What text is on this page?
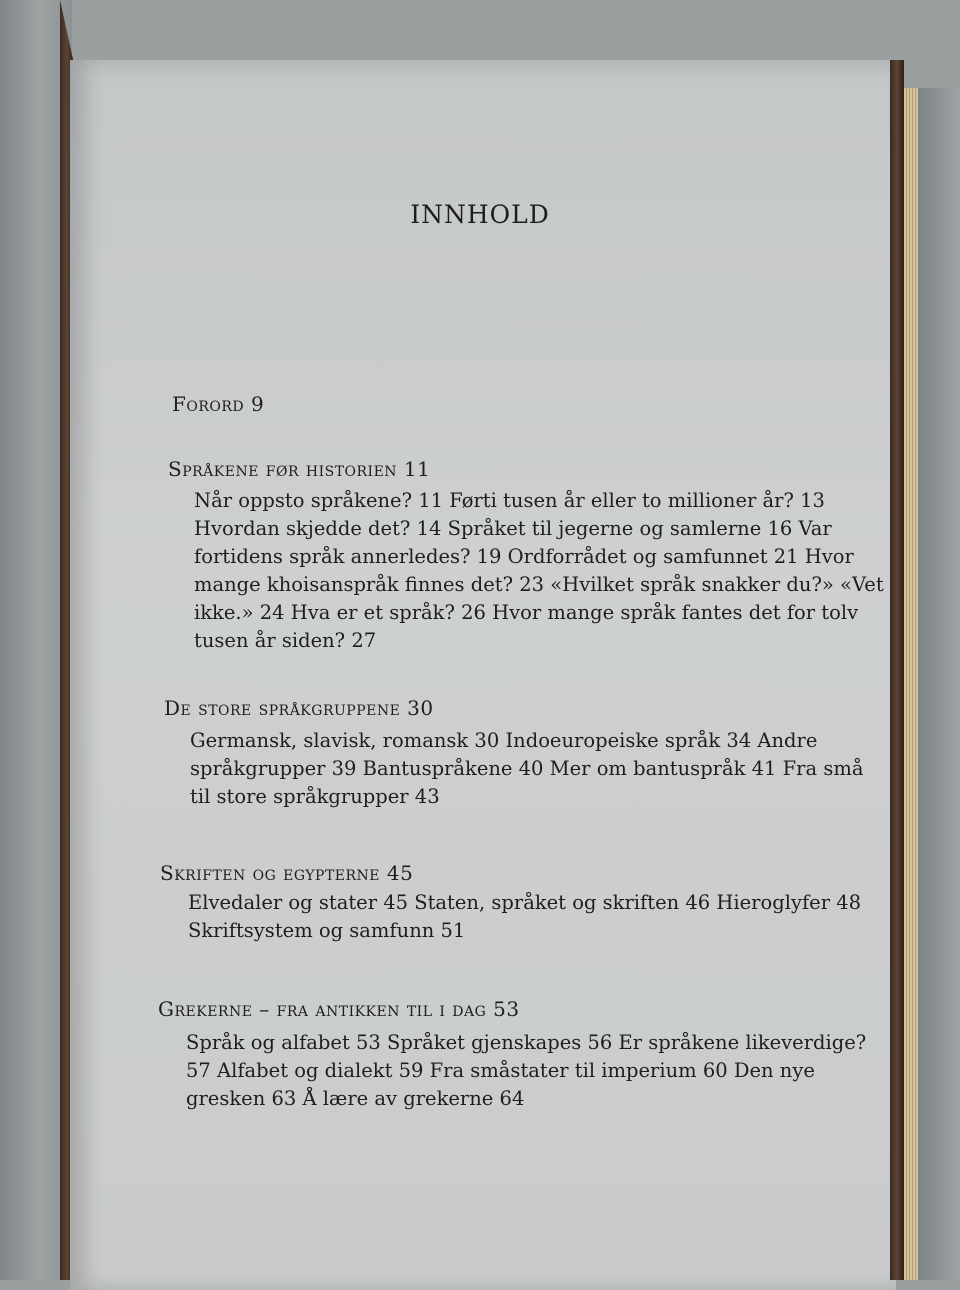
INNHOLD
Forord 9
Språkene før historien 11
Når oppsto språkene? 11 Førti tusen år eller to millioner år? 13
Hvordan skjedde det? 14 Språket til jegerne og samlerne 16 Var
fortidens språk annerledes? 19 Ordforrådet og samfunnet 21 Hvor
mange khoisanspråk finnes det? 23 «Hvilket språk snakker du?» «Vet
ikke.» 24 Hva er et språk? 26 Hvor mange språk fantes det for tolv
tusen år siden? 27
De store språkgruppene 30
Germansk, slavisk, romansk 30 Indoeuropeiske språk 34 Andre
språkgrupper 39 Bantuspråkene 40 Mer om bantuspråk 41 Fra små
til store språkgrupper 43
Skriften og egypterne 45
Elvedaler og stater 45 Staten, språket og skriften 46 Hieroglyfer 48
Skriftsystem og samfunn 51
Grekerne – fra antikken til i dag 53
Språk og alfabet 53 Språket gjenskapes 56 Er språkene likeverdige?
57 Alfabet og dialekt 59 Fra småstater til imperium 60 Den nye
gresken 63 Å lære av grekerne 64
